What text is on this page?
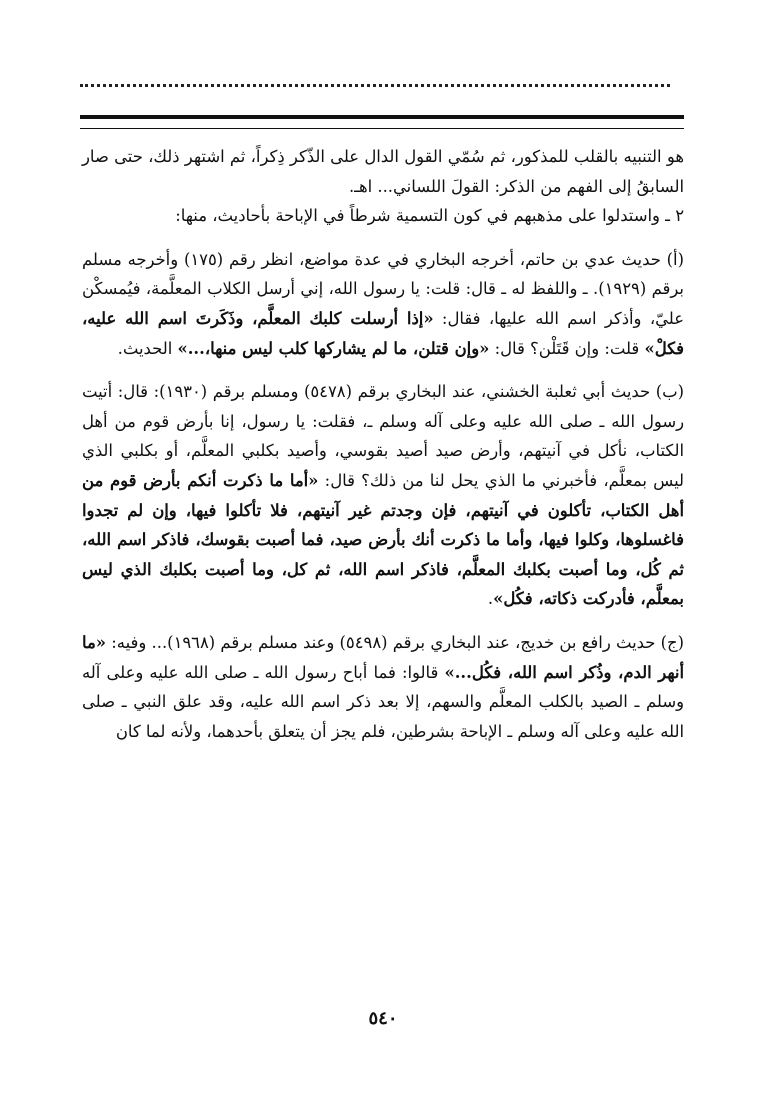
هو التنبيه بالقلب للمذكور، ثم سُمّي القول الدال على الذّكر ذِكراً، ثم اشتهر ذلك، حتى صار السابقُ إلى الفهم من الذكر: القولَ اللساني... اهـ.

٢ ـ واستدلوا على مذهبهم في كون التسمية شرطاً في الإباحة بأحاديث، منها:

(أ) حديث عدي بن حاتم، أخرجه البخاري في عدة مواضع، انظر رقم (١٧٥) وأخرجه مسلم برقم (١٩٢٩). ـ واللفظ له ـ قال: قلت: يا رسول الله، إني أرسل الكلاب المعلَّمة، فيُمسكْن عليّ، وأذكر اسم الله عليها، فقال: «إذا أرسلت كلبك المعلَّم، وذَكَرتَ اسم الله عليه، فكلْ» قلت: وإن قَتَلْن؟ قال: «وإن قتلن، ما لم يشاركها كلب ليس منها،...» الحديث.

(ب) حديث أبي ثعلبة الخشني، عند البخاري برقم (٥٤٧٨) ومسلم برقم (١٩٣٠): قال: أتيت رسول الله ـ صلى الله عليه وعلى آله وسلم ـ، فقلت: يا رسول، إنا بأرض قوم من أهل الكتاب، نأكل في آنيتهم، وأرض صيد أصيد بقوسي، وأصيد بكلبي المعلَّم، أو بكلبي الذي ليس بمعلَّم، فأخبرني ما الذي يحل لنا من ذلك؟ قال: «أما ما ذكرت أنكم بأرض قوم من أهل الكتاب، تأكلون في آنيتهم، فإن وجدتم غير آنيتهم، فلا تأكلوا فيها، وإن لم تجدوا فاغسلوها، وكلوا فيها، وأما ما ذكرت أنك بأرض صيد، فما أصبت بقوسك، فاذكر اسم الله، ثم كُل، وما أصبت بكلبك المعلَّم، فاذكر اسم الله، ثم كل، وما أصبت بكلبك الذي ليس بمعلَّم، فأدركت ذكاته، فكُل».

(ج) حديث رافع بن خديج، عند البخاري برقم (٥٤٩٨) وعند مسلم برقم (١٩٦٨)... وفيه: «ما أنهر الدم، وذُكر اسم الله، فكُل...» قالوا: فما أباح رسول الله ـ صلى الله عليه وعلى آله وسلم ـ الصيد بالكلب المعلَّم والسهم، إلا بعد ذكر اسم الله عليه، وقد علق النبي ـ صلى الله عليه وعلى آله وسلم ـ الإباحة بشرطين، فلم يجز أن يتعلق بأحدهما، ولأنه لما كان

٥٤٠
